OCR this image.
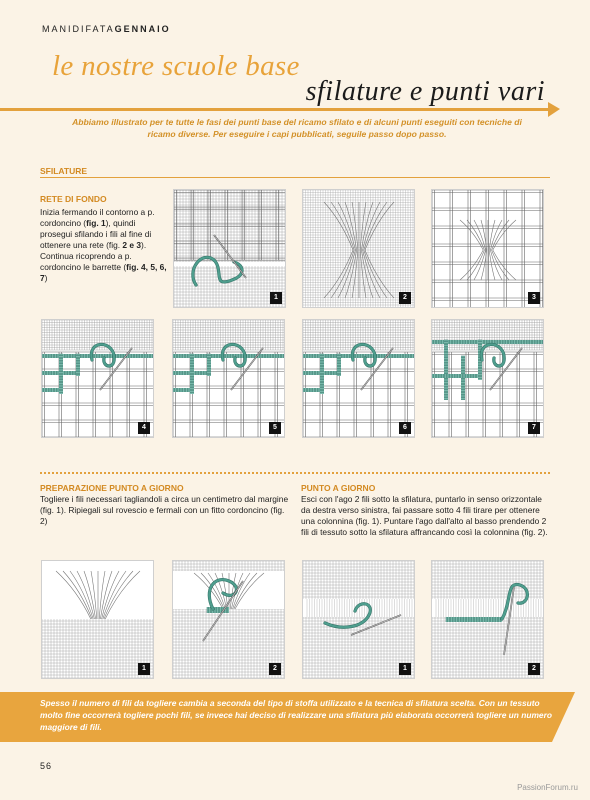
MANIDIFATAGENNAIO
le nostre scuole base
sfilature e punti vari
Abbiamo illustrato per te tutte le fasi dei punti base del ricamo sfilato e di alcuni punti eseguiti con tecniche di ricamo diverse. Per eseguire i capi pubblicati, seguile passo dopo passo.
SFILATURE
RETE DI FONDO
Inizia fermando il contorno a p. cordoncino (fig. 1), quindi prosegui sfilando i fili al fine di ottenere una rete (fig. 2 e 3). Continua ricoprendo a p. cordoncino le barrette (fig. 4, 5, 6, 7)
1	2	3
4	5	6	7
PREPARAZIONE PUNTO A GIORNO
Togliere i fili necessari tagliandoli a circa un centimetro dal margine (fig. 1). Ripiegali sul rovescio e fermali con un fitto cordoncino (fig. 2)
PUNTO A GIORNO
Esci con l'ago 2 fili sotto la sfilatura, puntarlo in senso orizzontale da destra verso sinistra, fai passare sotto 4 fili tirare per ottenere una colonnina (fig. 1). Puntare l'ago dall'alto al basso prendendo 2 fili di tessuto sotto la sfilatura affrancando così la colonnina (fig. 2).
1	2	1	2
Spesso il numero di fili da togliere cambia a seconda del tipo di stoffa utilizzato e la tecnica di sfilatura scelta. Con un tessuto molto fine occorrerà togliere pochi fili, se invece hai deciso di realizzare una sfilatura più elaborata occorrerà togliere un numero maggiore di fili.
56
PassionForum.ru
